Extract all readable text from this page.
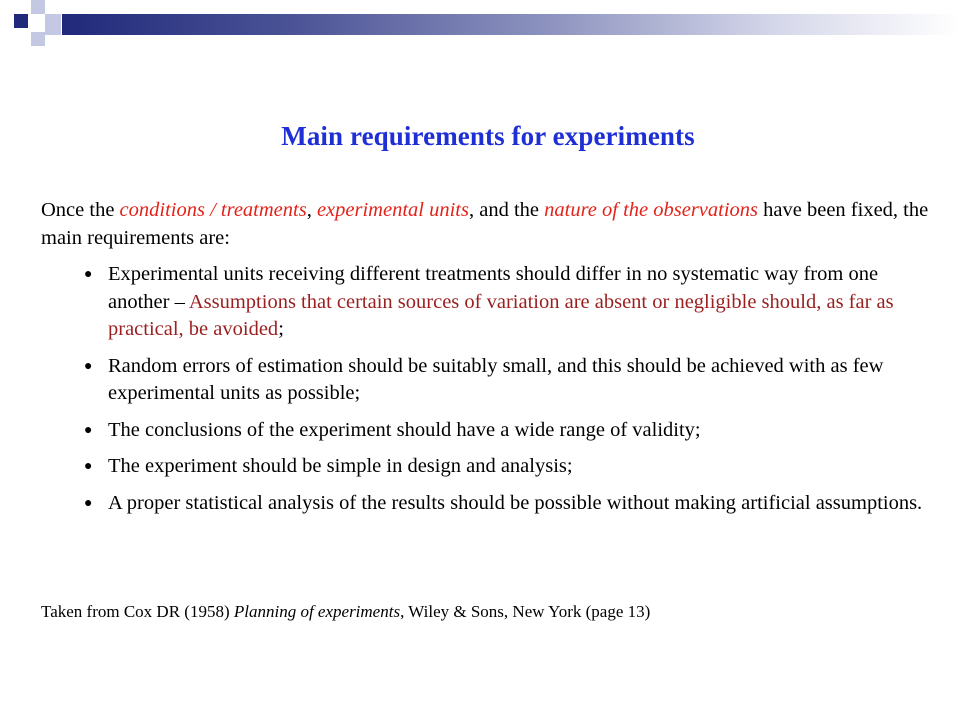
Main requirements for experiments
Once the conditions / treatments, experimental units, and the nature of the observations have been fixed, the main requirements are:
● Experimental units receiving different treatments should differ in no systematic way from one another – Assumptions that certain sources of variation are absent or negligible should, as far as practical, be avoided;
● Random errors of estimation should be suitably small, and this should be achieved with as few experimental units as possible;
● The conclusions of the experiment should have a wide range of validity;
● The experiment should be simple in design and analysis;
● A proper statistical analysis of the results should be possible without making artificial assumptions.
Taken from Cox DR (1958) Planning of experiments, Wiley & Sons, New York (page 13)
